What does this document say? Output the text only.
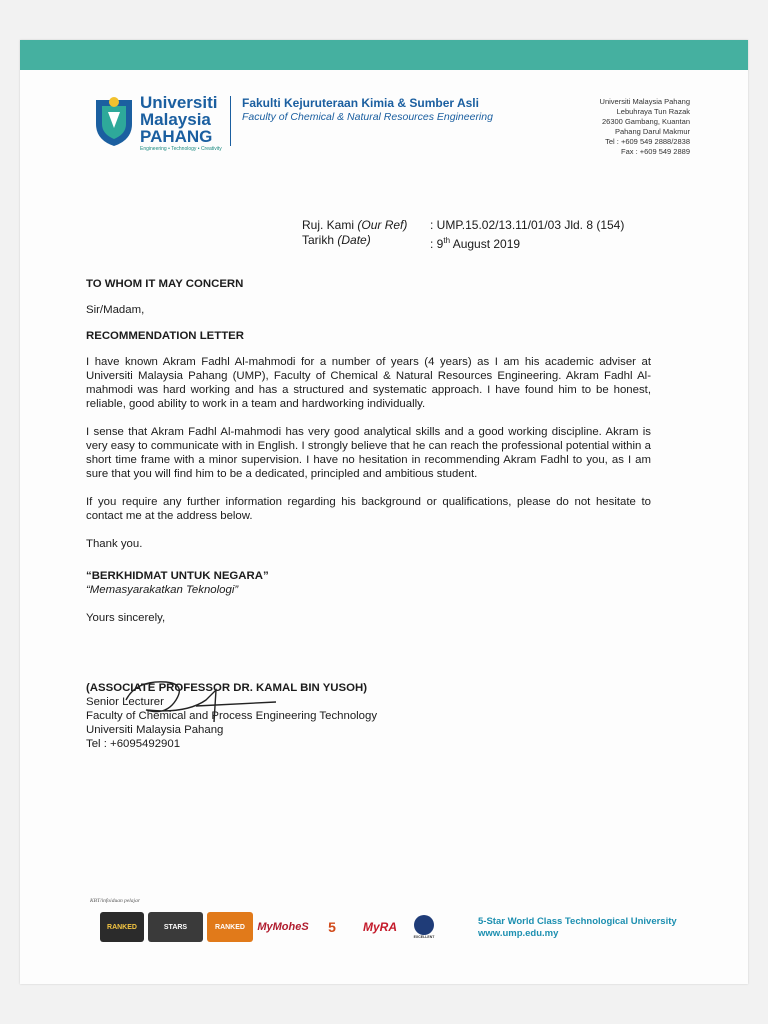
Universiti
Malaysia
PAHANG
Engineering • Technology • Creativity
Fakulti Kejuruteraan Kimia & Sumber Asli
Faculty of Chemical & Natural Resources Engineering
Universiti Malaysia Pahang
Lebuhraya Tun Razak
26300 Gambang, Kuantan
Pahang Darul Makmur
Tel : +609 549 2888/2838
Fax : +609 549 2889
Ruj. Kami (Our Ref)	: UMP.15.02/13.11/01/03 Jld. 8 (154)
Tarikh (Date)	: 9th August 2019

TO WHOM IT MAY CONCERN

Sir/Madam,

RECOMMENDATION LETTER

I have known Akram Fadhl Al-mahmodi for a number of years (4 years) as I am his academic adviser at Universiti Malaysia Pahang (UMP), Faculty of Chemical & Natural Resources Engineering. Akram Fadhl Al-mahmodi was hard working and has a structured and systematic approach. I have found him to be honest, reliable, good ability to work in a team and hardworking individually.

I sense that Akram Fadhl Al-mahmodi has very good analytical skills and a good working discipline. Akram is very easy to communicate with in English. I strongly believe that he can reach the professional potential within a short time frame with a minor supervision. I have no hesitation in recommending Akram Fadhl to you, as I am sure that you will find him to be a dedicated, principled and ambitious student.

If you require any further information regarding his background or qualifications, please do not hesitate to contact me at the address below.

Thank you.

“BERKHIDMAT UNTUK NEGARA”

“Memasyarakatkan Teknologi”

Yours sincerely,

(ASSOCIATE PROFESSOR DR. KAMAL BIN YUSOH)

Senior Lecturer

Faculty of Chemical and Process Engineering Technology

Universiti Malaysia Pahang

Tel : +6095492901

KBT/infoiduan pelajar
RANKED	STARS	RANKED	MyMoheS	5	MyRA
EXCELLENT
5-Star World Class Technological University
www.ump.edu.my
